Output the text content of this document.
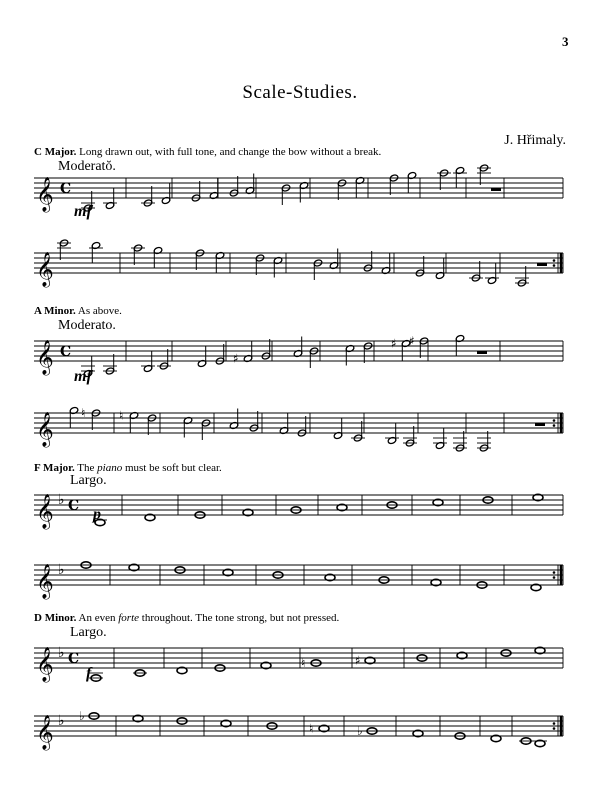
3
Scale-Studies.
J. Hřimaly.
C Major. Long drawn out, with full tone, and change the bow without a break.
Moderatŏ.
mf
𝄞 C
𝄞
A Minor. As above.
Moderato.
mf
𝄞 C	♯
♯ ♯
𝄞 ♮	♮
F Major. The piano must be soft but clear.
Largo.
p
𝄞 ♭ C
𝄞 ♭
D Minor. An even forte throughout. The tone strong, but not pressed.
Largo.
f
𝄞 ♭ C	♮	♯
𝄞 ♭ ♭
♮	♭
